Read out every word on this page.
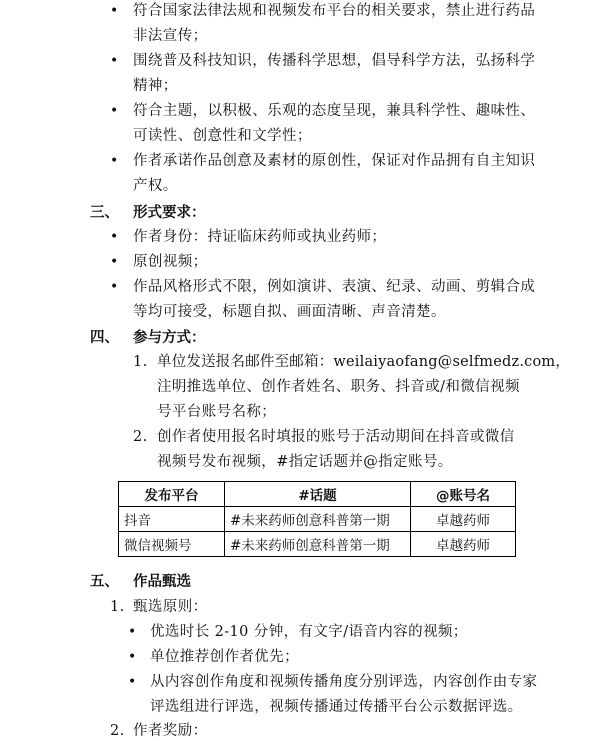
• 符合国家法律法规和视频发布平台的相关要求，禁止进行药品
非法宣传；
• 围绕普及科技知识，传播科学思想，倡导科学方法，弘扬科学
精神；
• 符合主题，以积极、乐观的态度呈现，兼具科学性、趣味性、
可读性、创意性和文学性；
• 作者承诺作品创意及素材的原创性，保证对作品拥有自主知识
产权。
三、 形式要求：
• 作者身份：持证临床药师或执业药师；
• 原创视频；
• 作品风格形式不限，例如演讲、表演、纪录、动画、剪辑合成
等均可接受，标题自拟、画面清晰、声音清楚。
四、 参与方式：
1. 单位发送报名邮件至邮箱：weilaiyaofang@selfmedz.com，
注明推选单位、创作者姓名、职务、抖音或/和微信视频
号平台账号名称；
2. 创作者使用报名时填报的账号于活动期间在抖音或微信
视频号发布视频，#指定话题并@指定账号。
发布平台	#话题	@账号名
抖音	#未来药师创意科普第一期	卓越药师
微信视频号	#未来药师创意科普第一期	卓越药师
五、 作品甄选
1. 甄选原则：
• 优选时长 2-10 分钟，有文字/语音内容的视频；
• 单位推荐创作者优先；
• 从内容创作角度和视频传播角度分别评选，内容创作由专家
评选组进行评选，视频传播通过传播平台公示数据评选。
2. 作者奖励：
